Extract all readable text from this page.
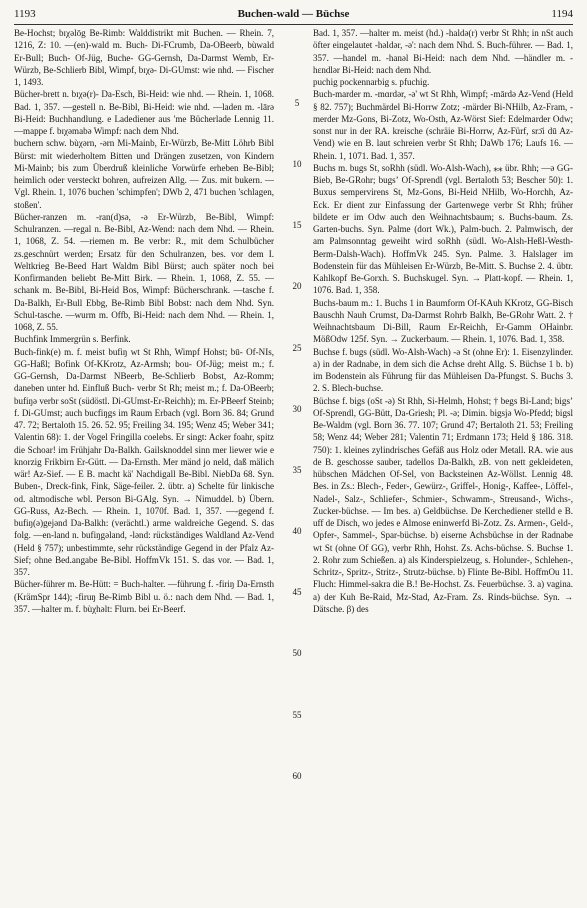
1193	Buchen-wald — Büchse	1194

Be-Hochst; bɪχəlōg Be-Rimb: Walddistrikt mit Buchen. — Rhein. 7, 1216, Z: 10. —(en)-wald m. Buch- Di-FCrumb, Da-OBeerb, bùwald Er-Bull; Buch- Of-Jüg, Buche- GG-Gernsh, Da-Darmst Wemb, Er-Würzb, Be-Schlierb Bibl, Wimpf, bɪχə- Di-GUmst: wie nhd. — Fischer 1, 1493.

Bücher-brett n. bɪχə(r)- Da-Esch, Bi-Heid: wie nhd. — Rhein. 1, 1068. Bad. 1, 357. —gestell n. Be-Bibl, Bi-Heid: wie nhd. —laden m. -lārə Bi-Heid: Buchhandlung. e Ladediener aus 'me Bücherlade Lennig 11. —mappe f. bɪχəmabə Wimpf: nach dem Nhd.

buchern schw. bùχərn, -ərn Mi-Mainb, Er-Würzb, Be-Mitt Löhrb Bibl Bürst: mit wiederholtem Bitten und Drängen zusetzen, von Kindern Mi-Mainb; bis zum Überdruß kleinliche Vorwürfe erheben Be-Bibl; heimlich oder versteckt bohren, aufreizen Allg. — Zus. mit bukern. — Vgl. Rhein. 1, 1076 buchen 'schimpfen'; DWb 2, 471 buchen 'schlagen, stoßen'.

Bücher-ranzen m. -ran(d)sə, -ə Er-Würzb, Be-Bibl, Wimpf: Schulranzen. —regal n. Be-Bibl, Az-Wend: nach dem Nhd. — Rhein. 1, 1068, Z. 54. —riemen m. Be verbr: R., mit dem Schulbücher zs.geschnürt werden; Ersatz für den Schulranzen, bes. vor dem I. Weltkrieg Be-Beed Hart Waldm Bibl Bürst; auch später noch bei Konfirmanden beliebt Be-Mitt Birk. — Rhein. 1, 1068, Z. 55. —schank m. Be-Bibl, Bi-Heid Bos, Wimpf: Bücherschrank. —tasche f. Da-Balkh, Er-Bull Ebbg, Be-Rimb Bibl Bobst: nach dem Nhd. Syn. Schul-tasche. —wurm m. Offb, Bi-Heid: nach dem Nhd. — Rhein. 1, 1068, Z. 55.

Buchfink Immergrün s. Berfink.

Buch-fink(e) m. f. meist bufiŋ wt St Rhh, Wimpf Hohst; bū- Of-NIs, GG-Haßl; Bofink Of-KKrotz, Az-Armsh; bou- Of-Jüg; meist m.; f. GG-Gernsh, Da-Darmst NBeerb, Be-Schlierb Bobst, Az-Romm; daneben unter hd. Einfluß Buch- verbr St Rh; meist m.; f. Da-OBeerb; bufiŋə verbr soSt (südöstl. Di-GUmst-Er-Reichh); m. Er-PBeerf Steinb; f. Di-GUmst; auch bucfiŋgs im Raum Erbach (vgl. Born 36. 84; Grund 47. 72; Bertaloth 15. 26. 52. 95; Freiling 34. 195; Wenz 45; Weber 341; Valentin 68): 1. der Vogel Fringilla coelebs. Er singt: Acker foahr, spitz die Schoar! im Frühjahr Da-Balkh. Gailsknoddel sinn mer liewer wie e knorzig Frikbirn Er-Gütt. — Da-Ernsth. Mer mänd jo neld, daß mälich wär! Az-Sief. — E B. macht kä' Nachdigall Be-Bibl. NiebDa 68. Syn. Buben-, Dreck-fink, Fink, Säge-feiler. 2. übtr. a) Schelte für linkische od. altmodische wbl. Person Bi-GAlg. Syn. → Nimuddel. b) Übern. GG-Russ, Az-Bech. — Rhein. 1, 1070f. Bad. 1, 357. —-gegend f. bufiŋ(ə)gejənd Da-Balkh: (verächtl.) arme waldreiche Gegend. S. das folg. —en-land n. bufiŋgəland, -lənd: rückständiges Waldland Az-Vend (Held § 757); unbestimmte, sehr rückständige Gegend in der Pfalz Az-Sief; ohne Bed.angabe Be-Bibl. HoffmVk 151. S. das vor. — Bad. 1, 357.

Bücher-führer m. Be-Hütt: = Buch-halter. —führung f. -firiŋ Da-Ernsth (KrämSpr 144); -firuŋ Be-Rimb Bibl u. ö.: nach dem Nhd. — Bad. 1, 357. —halter m. f. bùχhəlt: Flurn. bei Er-Beerf.

5
10
15
20
25
30
35
40
45
50
55
60

Bad. 1, 357. —halter m. meist (hd.) -haldə(r) verbr St Rhh; in nSt auch öfter eingelautet -həldər, -ə': nach dem Nhd. S. Buch-führer. — Bad. 1, 357. —handel m. -hanəl Bi-Heid: nach dem Nhd. —händler m. -hɛndlər Bi-Heid: nach dem Nhd.

puchig pockennarbig s. pfuchig.

Buch-marder m. -mɑrdər, -ə' wt St Rhh, Wimpf; -mārdə Az-Vend (Held § 82. 757); Buchmärdel Bi-Horrw Zotz; -märder Bi-NHilb, Az-Fram, -merder Mz-Gons, Bi-Zotz, Wo-Osth, Az-Wörst Sief: Edelmarder Odw; sonst nur in der RA. kreische (schräie Bi-Horrw, Az-Fürf, srɔ̄i dū Az-Vend) wie en B. laut schreien verbr St Rhh; DaWb 176; Laufs 16. — Rhein. 1, 1071. Bad. 1, 357.

Buchs m. bugs St, soRhh (südl. Wo-Alsh-Wach), ⁎⁎ übr. Rhh; —ə GG-Bieb, Be-GRohr; bugsʼ Of-Sprendl (vgl. Bertaloth 53; Bescher 50): 1. Buxus sempervirens St, Mz-Gons, Bi-Heid NHilb, Wo-Horchh, Az-Eck. Er dient zur Einfassung der Gartenwege verbr St Rhh; früher bildete er im Odw auch den Weihnachtsbaum; s. Buchs-baum. Zs. Garten-buchs. Syn. Palme (dort Wk.), Palm-buch. 2. Palmwisch, der am Palmsonntag geweiht wird soRhh (südl. Wo-Alsh-Heßl-Westh-Berm-Dalsh-Wach). HoffmVk 245. Syn. Palme. 3. Halslager im Bodenstein für das Mühleisen Er-Würzb, Be-Mitt. S. Buchse 2. 4. übtr. Kahlkopf Be-Gorxh. S. Buchskugel. Syn. → Platt-kopf. — Rhein. 1, 1076. Bad. 1, 358.

Buchs-baum m.: 1. Buchs 1 in Baumform Of-KAuh KKrotz, GG-Bisch Bauschh Nauh Crumst, Da-Darmst Rohrb Balkh, Be-GRohr Watt. 2. † Weihnachtsbaum Di-Bill, Raum Er-Reichh, Er-Gamm OHainbr. MößOdw 125f. Syn. → Zuckerbaum. — Rhein. 1, 1076. Bad. 1, 358.

Buchse f. bugs (südl. Wo-Alsh-Wach) -ə St (ohne Er): 1. Eisenzylinder. a) in der Radnabe, in dem sich die Achse dreht Allg. S. Büchse 1 b. b) im Bodenstein als Führung für das Mühleisen Da-Pfungst. S. Buchs 3. 2. S. Blech-buchse.

Büchse f. bigs (oSt -ə) St Rhh, Si-Helmh, Hohst; † begs Bi-Land; bigsʼ Of-Sprendl, GG-Bütt, Da-Griesh; Pl. -ə; Dimin. bigsjə Wo-Pfedd; bigsl Be-Waldm (vgl. Born 36. 77. 107; Grund 47; Bertaloth 21. 53; Freiling 58; Wenz 44; Weber 281; Valentin 71; Erdmann 173; Held § 186. 318. 750): 1. kleines zylindrisches Gefäß aus Holz oder Metall. RA. wie aus de B. geschosse sauber, tadellos Da-Balkh, zB. von nett gekleideten, hübschen Mädchen Of-Sel, von Backsteinen Az-Wöllst. Lennig 48. Bes. in Zs.: Blech-, Feder-, Gewürz-, Griffel-, Honig-, Kaffee-, Löffel-, Nadel-, Salz-, Schliefer-, Schmier-, Schwamm-, Streusand-, Wichs-, Zucker-büchse. — Im bes. a) Geldbüchse. De Kerchediener stelld e B. uff de Disch, wo jedes e Almose eninwerfd Bi-Zotz. Zs. Armen-, Geld-, Opfer-, Sammel-, Spar-büchse. b) eiserne Achsbüchse in der Radnabe wt St (ohne Of GG), verbr Rhh, Hohst. Zs. Achs-büchse. S. Buchse 1. 2. Rohr zum Schießen. a) als Kinderspielzeug, s. Holunder-, Schlehen-, Schritz-, Spritz-, Stritz-, Strutz-büchse. b) Flinte Be-Bibl. HoffmOu 11. Fluch: Himmel-sakra die B.! Be-Hochst. Zs. Feuerbüchse. 3. a) vagina. a) der Kuh Be-Raid, Mz-Stad, Az-Fram. Zs. Rinds-büchse. Syn. → Dätsche. β) des
